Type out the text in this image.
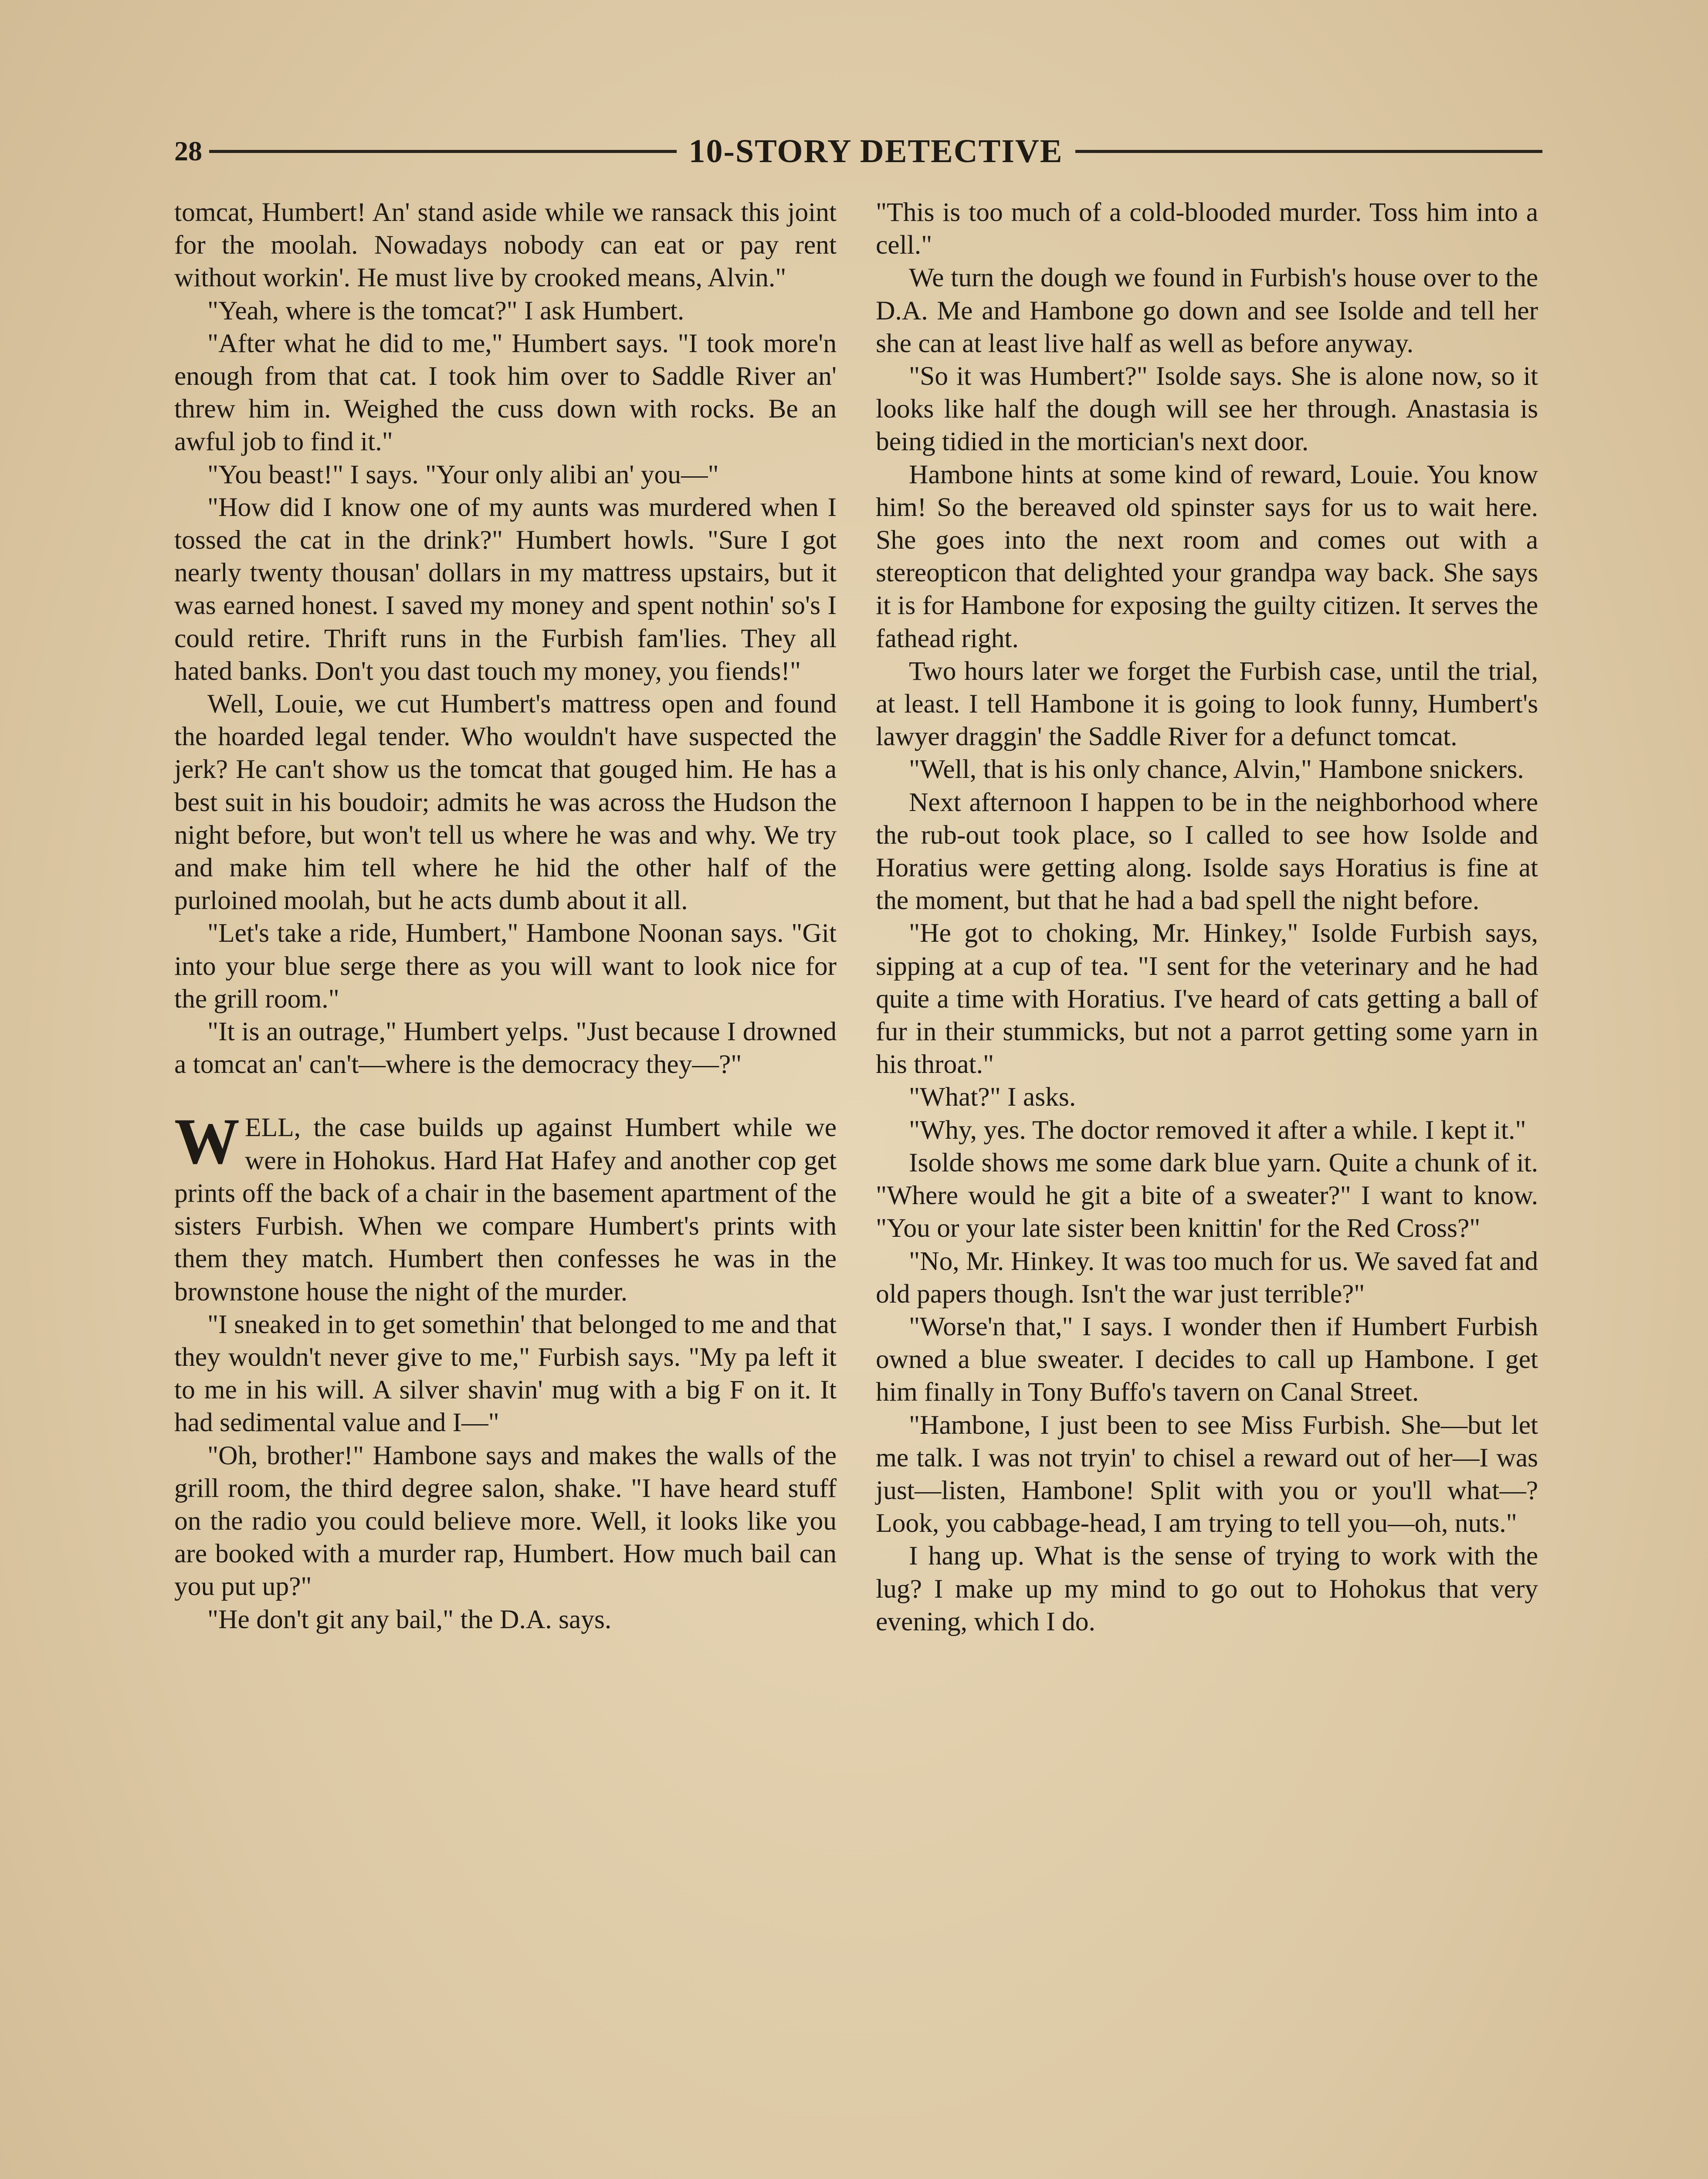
28	10-STORY DETECTIVE

tomcat, Humbert! An' stand aside while we ransack this joint for the moolah. Nowadays nobody can eat or pay rent without workin'. He must live by crooked means, Alvin."

"Yeah, where is the tomcat?" I ask Humbert.

"After what he did to me," Humbert says. "I took more'n enough from that cat. I took him over to Saddle River an' threw him in. Weighed the cuss down with rocks. Be an awful job to find it."

"You beast!" I says. "Your only alibi an' you—"

"How did I know one of my aunts was murdered when I tossed the cat in the drink?" Humbert howls. "Sure I got nearly twenty thousan' dollars in my mattress upstairs, but it was earned honest. I saved my money and spent nothin' so's I could retire. Thrift runs in the Furbish fam'lies. They all hated banks. Don't you dast touch my money, you fiends!"

Well, Louie, we cut Humbert's mattress open and found the hoarded legal tender. Who wouldn't have suspected the jerk? He can't show us the tomcat that gouged him. He has a best suit in his boudoir; admits he was across the Hudson the night before, but won't tell us where he was and why. We try and make him tell where he hid the other half of the purloined moolah, but he acts dumb about it all.

"Let's take a ride, Humbert," Hambone Noonan says. "Git into your blue serge there as you will want to look nice for the grill room."

"It is an outrage," Humbert yelps. "Just because I drowned a tomcat an' can't—where is the democracy they—?"

WELL, the case builds up against Humbert while we were in Hohokus. Hard Hat Hafey and another cop get prints off the back of a chair in the basement apartment of the sisters Furbish. When we compare Humbert's prints with them they match. Humbert then confesses he was in the brownstone house the night of the murder.

"I sneaked in to get somethin' that belonged to me and that they wouldn't never give to me," Furbish says. "My pa left it to me in his will. A silver shavin' mug with a big F on it. It had sedimental value and I—"

"Oh, brother!" Hambone says and makes the walls of the grill room, the third degree salon, shake. "I have heard stuff on the radio you could believe more. Well, it looks like you are booked with a murder rap, Humbert. How much bail can you put up?"

"He don't git any bail," the D.A. says.

"This is too much of a cold-blooded murder. Toss him into a cell."

We turn the dough we found in Furbish's house over to the D.A. Me and Hambone go down and see Isolde and tell her she can at least live half as well as before anyway.

"So it was Humbert?" Isolde says. She is alone now, so it looks like half the dough will see her through. Anastasia is being tidied in the mortician's next door.

Hambone hints at some kind of reward, Louie. You know him! So the bereaved old spinster says for us to wait here. She goes into the next room and comes out with a stereopticon that delighted your grandpa way back. She says it is for Hambone for exposing the guilty citizen. It serves the fathead right.

Two hours later we forget the Furbish case, until the trial, at least. I tell Hambone it is going to look funny, Humbert's lawyer draggin' the Saddle River for a defunct tomcat.

"Well, that is his only chance, Alvin," Hambone snickers.

Next afternoon I happen to be in the neighborhood where the rub-out took place, so I called to see how Isolde and Horatius were getting along. Isolde says Horatius is fine at the moment, but that he had a bad spell the night before.

"He got to choking, Mr. Hinkey," Isolde Furbish says, sipping at a cup of tea. "I sent for the veterinary and he had quite a time with Horatius. I've heard of cats getting a ball of fur in their stummicks, but not a parrot getting some yarn in his throat."

"What?" I asks.

"Why, yes. The doctor removed it after a while. I kept it."

Isolde shows me some dark blue yarn. Quite a chunk of it. "Where would he git a bite of a sweater?" I want to know. "You or your late sister been knittin' for the Red Cross?"

"No, Mr. Hinkey. It was too much for us. We saved fat and old papers though. Isn't the war just terrible?"

"Worse'n that," I says. I wonder then if Humbert Furbish owned a blue sweater. I decides to call up Hambone. I get him finally in Tony Buffo's tavern on Canal Street.

"Hambone, I just been to see Miss Furbish. She—but let me talk. I was not tryin' to chisel a reward out of her—I was just—listen, Hambone! Split with you or you'll what—? Look, you cabbage-head, I am trying to tell you—oh, nuts."

I hang up. What is the sense of trying to work with the lug? I make up my mind to go out to Hohokus that very evening, which I do.
